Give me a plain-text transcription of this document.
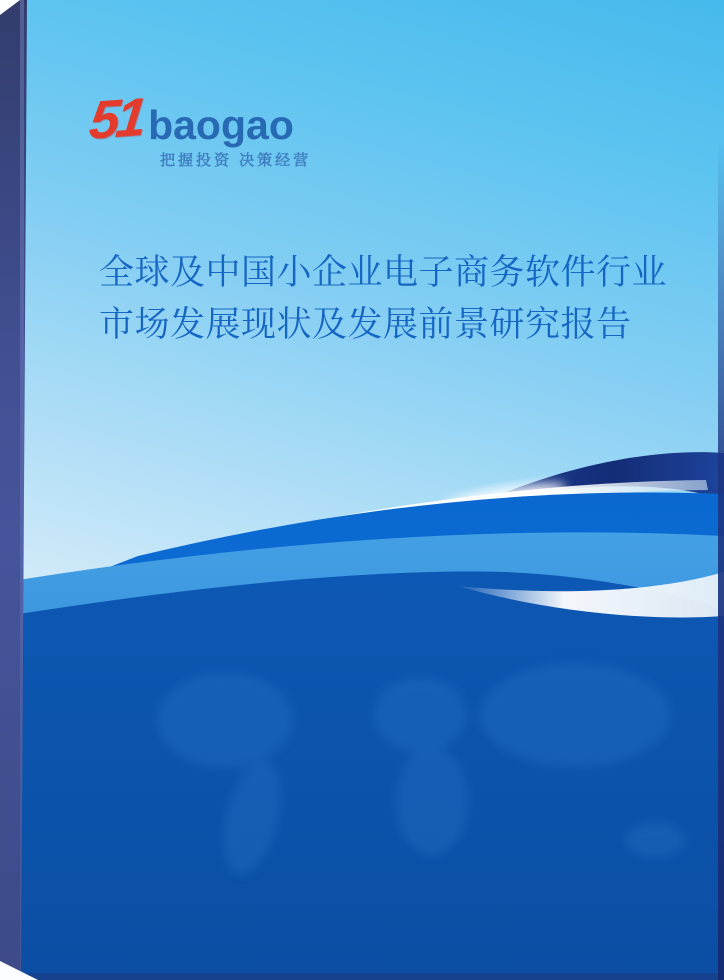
51 baogao
把握投资 决策经营
全球及中国小企业电子商务软件行业
市场发展现状及发展前景研究报告
